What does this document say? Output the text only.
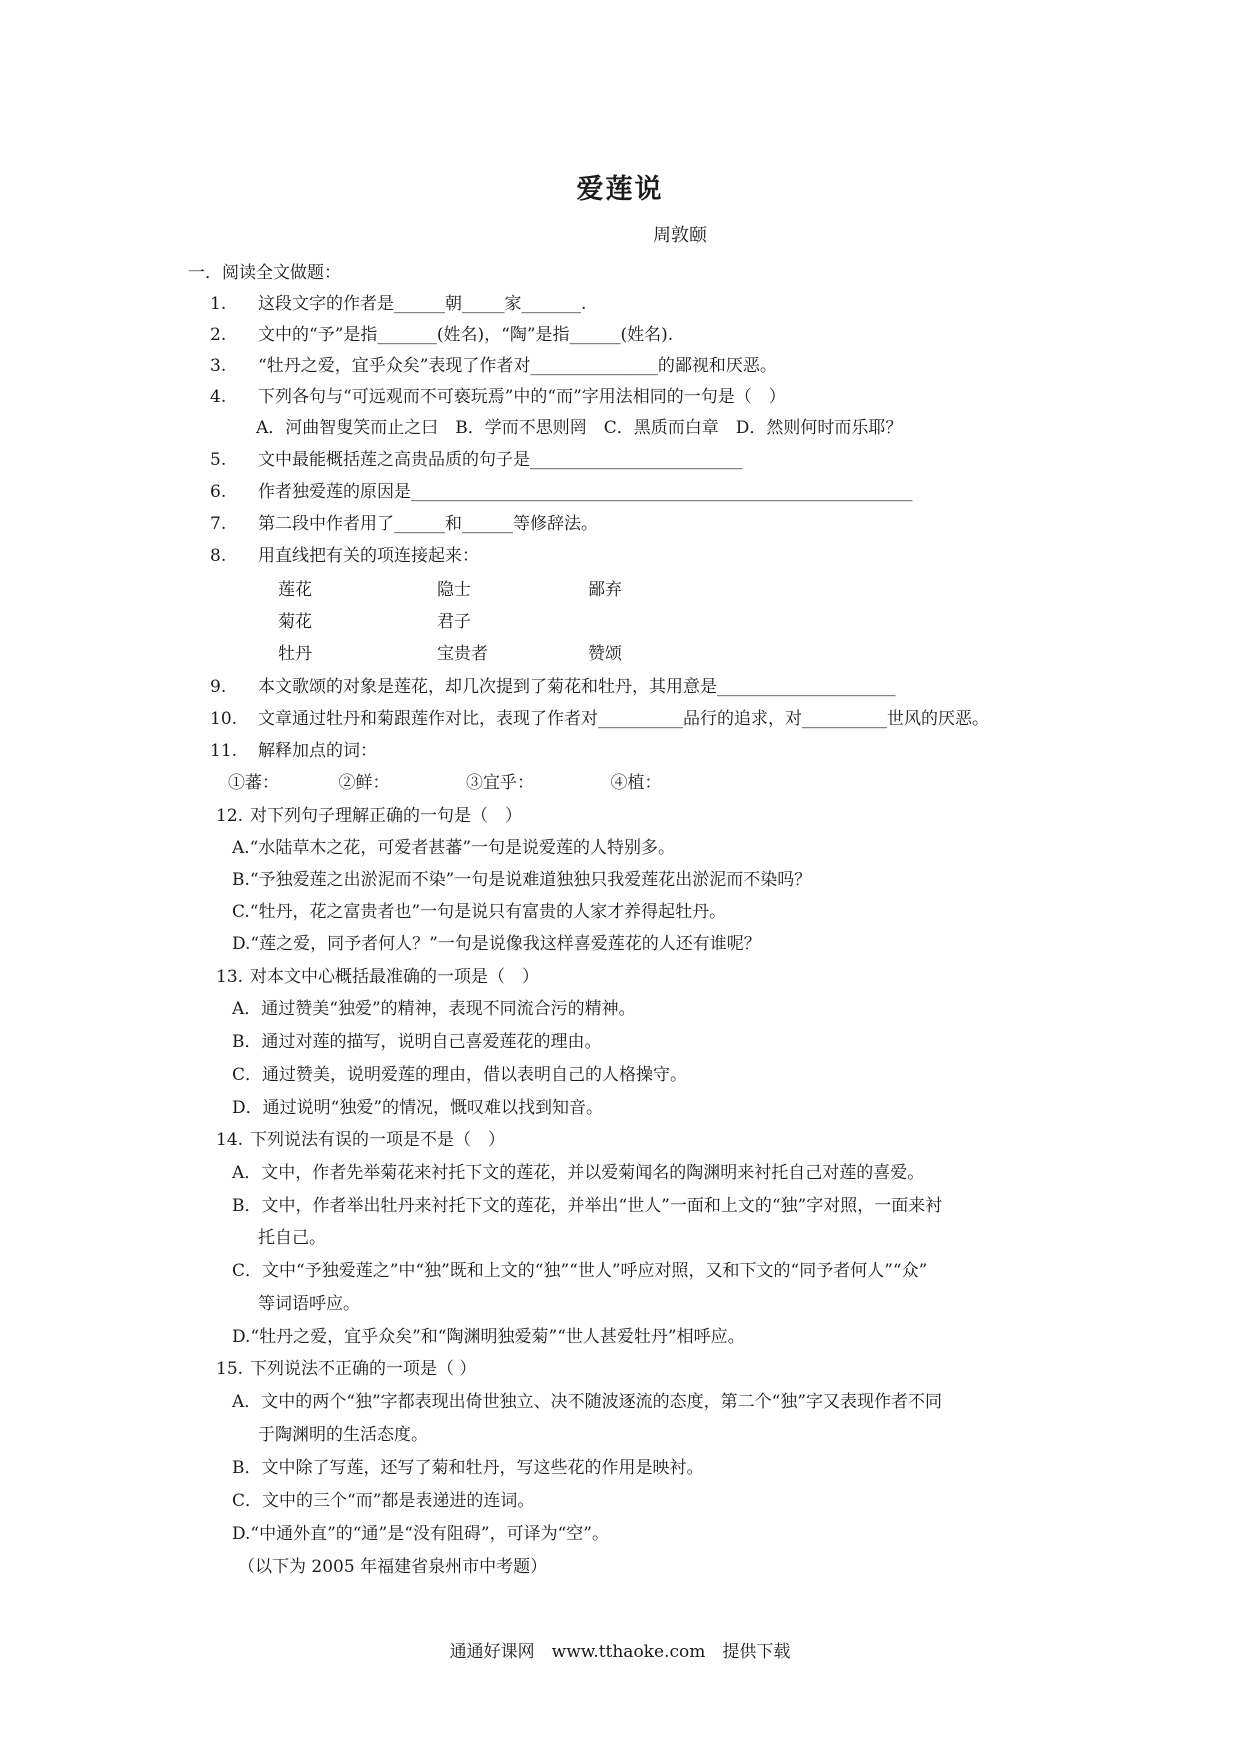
爱莲说
周敦颐
一．阅读全文做题：
1. 这段文字的作者是______朝_____家_______.
2. 文中的“予”是指_______(姓名)，“陶”是指______(姓名).
3. “牡丹之爱，宜乎众矣”表现了作者对_______________的鄙视和厌恶。
4. 下列各句与“可远观而不可亵玩焉”中的“而”字用法相同的一句是（　）
A．河曲智叟笑而止之曰　B．学而不思则罔　C．黑质而白章　D．然则何时而乐耶？
5. 文中最能概括莲之高贵品质的句子是_________________________
6. 作者独爱莲的原因是___________________________________________________________
7. 第二段中作者用了______和______等修辞法。
8. 用直线把有关的项连接起来：
莲花	隐士	鄙弃
菊花	君子
牡丹	宝贵者	赞颂
9. 本文歌颂的对象是莲花，却几次提到了菊花和牡丹，其用意是_____________________
10. 文章通过牡丹和菊跟莲作对比，表现了作者对__________品行的追求，对__________世风的厌恶。
11. 解释加点的词：
①蕃：　　　　②鲜：　　　　　③宜乎：　　　　　④植：
12. 对下列句子理解正确的一句是（　）
A.“水陆草木之花，可爱者甚蕃”一句是说爱莲的人特别多。
B.“予独爱莲之出淤泥而不染”一句是说难道独独只我爱莲花出淤泥而不染吗？
C.“牡丹，花之富贵者也”一句是说只有富贵的人家才养得起牡丹。
D.“莲之爱，同予者何人？”一句是说像我这样喜爱莲花的人还有谁呢？
13. 对本文中心概括最准确的一项是（　）
A．通过赞美“独爱”的精神，表现不同流合污的精神。
B．通过对莲的描写，说明自己喜爱莲花的理由。
C．通过赞美，说明爱莲的理由，借以表明自己的人格操守。
D．通过说明“独爱”的情况，慨叹难以找到知音。
14. 下列说法有误的一项是不是（　）
A．文中，作者先举菊花来衬托下文的莲花，并以爱菊闻名的陶渊明来衬托自己对莲的喜爱。
B．文中，作者举出牡丹来衬托下文的莲花，并举出“世人”一面和上文的“独”字对照，一面来衬
托自己。
C．文中“予独爱莲之”中“独”既和上文的“独”“世人”呼应对照，又和下文的“同予者何人”“众”
等词语呼应。
D.“牡丹之爱，宜乎众矣”和“陶渊明独爱菊”“世人甚爱牡丹”相呼应。
15. 下列说法不正确的一项是（ ）
A．文中的两个“独”字都表现出倚世独立、决不随波逐流的态度，第二个“独”字又表现作者不同
于陶渊明的生活态度。
B．文中除了写莲，还写了菊和牡丹，写这些花的作用是映衬。
C．文中的三个“而”都是表递进的连词。
D.“中通外直”的“通”是“没有阻碍”，可译为“空”。
（以下为 2005 年福建省泉州市中考题）
通通好课网　www.tthaoke.com　提供下载
